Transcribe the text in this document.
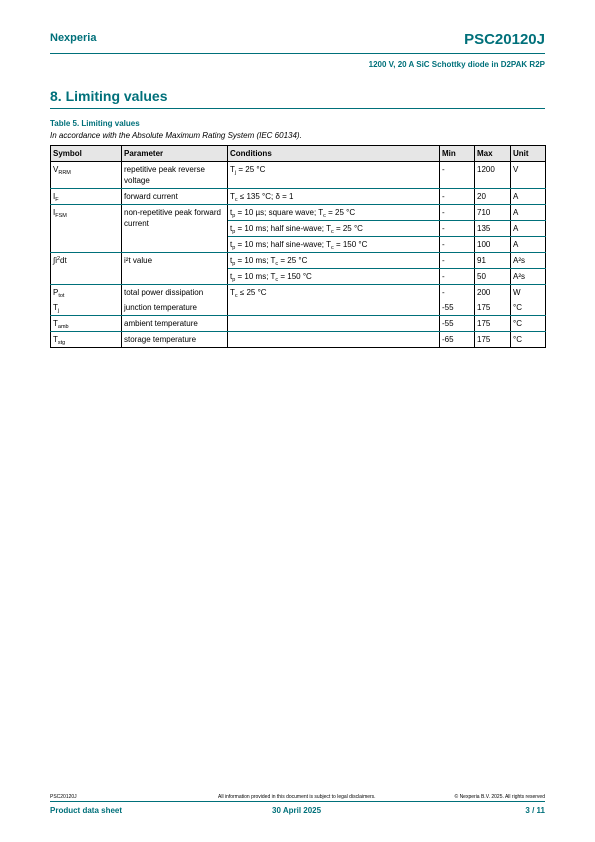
Nexperia	PSC20120J
1200 V, 20 A SiC Schottky diode in D2PAK R2P
8. Limiting values
Table 5. Limiting values
In accordance with the Absolute Maximum Rating System (IEC 60134).
Symbol	Parameter	Conditions	Min	Max	Unit
$V_{RRM}$	repetitive peak reverse voltage	$T_j = 25$ °C	-	1200	V
$I_F$	forward current	$T_c \le 135$ °C; δ = 1	-	20	A
$I_{FSM}$	non-repetitive peak forward current	$t_p = 10$ µs; square wave; $T_c = 25$ °C	-	710	A
		$t_p = 10$ ms; half sine-wave; $T_c = 25$ °C	-	135	A
		$t_p = 10$ ms; half sine-wave; $T_c = 150$ °C	-	100	A
$\int i^2dt$	i²t value	$t_p = 10$ ms; $T_c = 25$ °C	-	91	A²s
		$t_p = 10$ ms; $T_c = 150$ °C	-	50	A²s
$P_{tot}$	total power dissipation	$T_c \le 25$ °C	-	200	W
$T_j$	junction temperature		-55	175	°C
$T_{amb}$	ambient temperature		-55	175	°C
$T_{stg}$	storage temperature		-65	175	°C
PSC20120J	All information provided in this document is subject to legal disclaimers.	© Nexperia B.V. 2025. All rights reserved
Product data sheet	30 April 2025	3 / 11
